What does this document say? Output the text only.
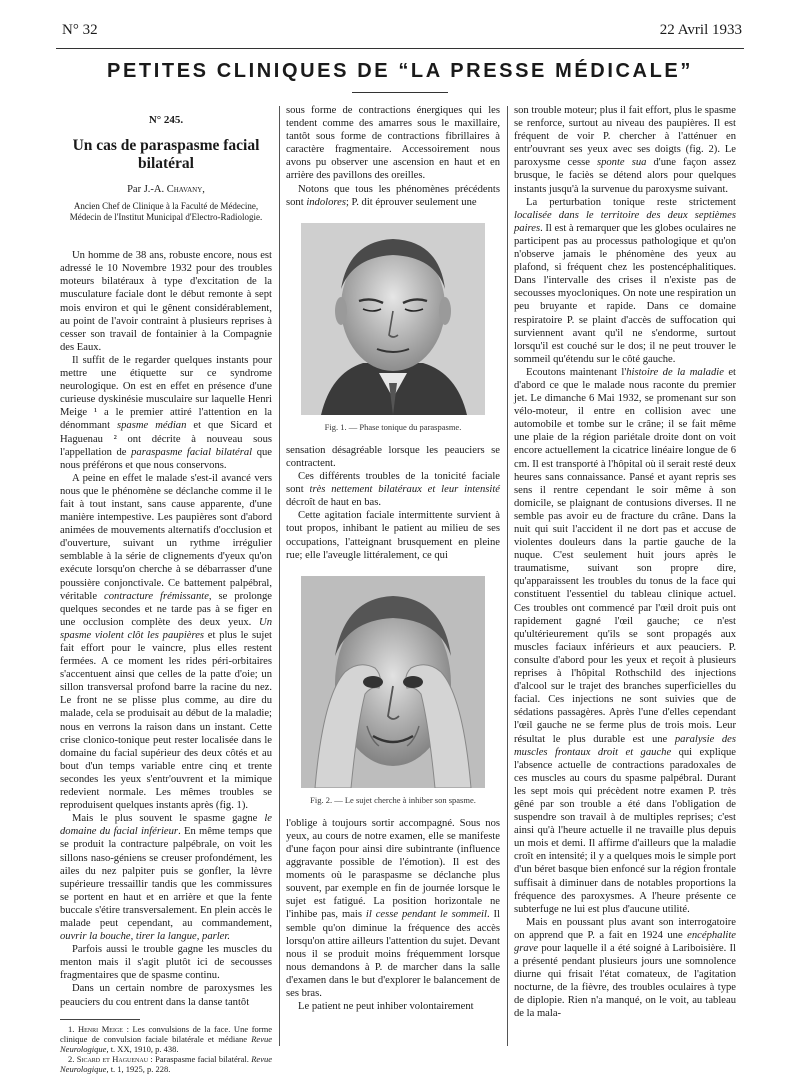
N° 32	22 Avril 1933
PETITES CLINIQUES DE “LA PRESSE MÉDICALE”

N° 245.

Un cas de paraspasme facial bilatéral

Par J.-A. Chavany,

Ancien Chef de Clinique à la Faculté de Médecine, Médecin de l'Institut Municipal d'Electro-Radiologie.

Un homme de 38 ans, robuste encore, nous est adressé le 10 Novembre 1932 pour des troubles moteurs bilatéraux à type d'excitation de la musculature faciale dont le début remonte à sept mois environ et qui le gênent considérablement, au point de l'avoir contraint à plusieurs reprises à cesser son travail de fontainier à la Compagnie des Eaux.

Il suffit de le regarder quelques instants pour mettre une étiquette sur ce syndrome neurologique. On est en effet en présence d'une curieuse dyskinésie musculaire sur laquelle Henri Meige ¹ a le premier attiré l'attention en la dénommant spasme médian et que Sicard et Haguenau ² ont décrite à nouveau sous l'appellation de paraspasme facial bilatéral que nous préférons et que nous conservons.

A peine en effet le malade s'est-il avancé vers nous que le phénomène se déclanche comme il le fait à tout instant, sans cause apparente, d'une manière intempestive. Les paupières sont d'abord animées de mouvements alternatifs d'occlusion et d'ouverture, suivant un rythme irrégulier semblable à la série de clignements d'yeux qu'on exécute lorsqu'on cherche à se débarrasser d'une poussière conjonctivale. Ce battement palpébral, véritable contracture frémissante, se prolonge quelques secondes et ne tarde pas à se figer en une occlusion complète des deux yeux. Un spasme violent clôt les paupières et plus le sujet fait effort pour le vaincre, plus elles restent fermées. A ce moment les rides péri-orbitaires s'accentuent ainsi que celles de la patte d'oie; un sillon transversal profond barre la racine du nez. Le front ne se plisse plus comme, au dire du malade, cela se produisait au début de la maladie; nous en verrons la raison dans un instant. Cette crise clonico-tonique peut rester localisée dans le domaine du facial supérieur des deux côtés et au bout d'un temps variable entre cinq et trente secondes les yeux s'entr'ouvrent et la mimique redevient normale. Les mêmes troubles se reproduisent quelques instants après (fig. 1).

Mais le plus souvent le spasme gagne le domaine du facial inférieur. En même temps que se produit la contracture palpébrale, on voit les sillons naso-géniens se creuser profondément, les ailes du nez palpiter puis se gonfler, la lèvre supérieure tressaillir tandis que les commissures se portent en haut et en arrière et que la fente buccale s'étire transversalement. En plein accès le malade peut cependant, au commandement, ouvrir la bouche, tirer la langue, parler.

Parfois aussi le trouble gagne les muscles du menton mais il s'agit plutôt ici de secousses fragmentaires que de spasme continu.

Dans un certain nombre de paroxysmes les peauciers du cou entrent dans la danse tantôt

1. Henri Meige : Les convulsions de la face. Une forme clinique de convulsion faciale bilatérale et médiane Revue Neurologique, t. XX, 1910, p. 438.

2. Sicard et Haguenau : Paraspasme facial bilatéral. Revue Neurologique, t. 1, 1925, p. 228.

sous forme de contractions énergiques qui les tendent comme des amarres sous le maxillaire, tantôt sous forme de contractions fibrillaires à caractère fragmentaire. Accessoirement nous avons pu observer une ascension en haut et en arrière des pavillons des oreilles.

Notons que tous les phénomènes précédents sont indolores; P. dit éprouver seulement une

Fig. 1. — Phase tonique du paraspasme.

sensation désagréable lorsque les peauciers se contractent.

Ces différents troubles de la tonicité faciale sont très nettement bilatéraux et leur intensité décroît de haut en bas.

Cette agitation faciale intermittente survient à tout propos, inhibant le patient au milieu de ses occupations, l'atteignant brusquement en pleine rue; elle l'aveugle littéralement, ce qui

Fig. 2. — Le sujet cherche à inhiber son spasme.

l'oblige à toujours sortir accompagné. Sous nos yeux, au cours de notre examen, elle se manifeste d'une façon pour ainsi dire subintrante (influence aggravante possible de l'émotion). Il est des moments où le paraspasme se déclanche plus souvent, par exemple en fin de journée lorsque le sujet est fatigué. La position horizontale ne l'inhibe pas, mais il cesse pendant le sommeil. Il semble qu'on diminue la fréquence des accès lorsqu'on attire ailleurs l'attention du sujet. Devant nous il se produit moins fréquemment lorsque nous demandons à P. de marcher dans la salle d'examen dans le but d'explorer le balancement de ses bras.

Le patient ne peut inhiber volontairement

son trouble moteur; plus il fait effort, plus le spasme se renforce, surtout au niveau des paupières. Il est fréquent de voir P. chercher à l'atténuer en entr'ouvrant ses yeux avec ses doigts (fig. 2). Le paroxysme cesse sponte sua d'une façon assez brusque, le faciès se détend alors pour quelques instants jusqu'à la survenue du paroxysme suivant.

La perturbation tonique reste strictement localisée dans le territoire des deux septièmes paires. Il est à remarquer que les globes oculaires ne participent pas au processus pathologique et qu'on n'observe jamais le phénomène des yeux au plafond, si fréquent chez les postencéphalitiques. Dans l'intervalle des crises il n'existe pas de secousses myocloniques. On note une respiration un peu bruyante et rapide. Dans ce domaine respiratoire P. se plaint d'accès de suffocation qui surviennent avant qu'il ne s'endorme, surtout lorsqu'il est couché sur le dos; il ne peut trouver le sommeil qu'étendu sur le côté gauche.

Ecoutons maintenant l'histoire de la maladie et d'abord ce que le malade nous raconte du premier jet. Le dimanche 6 Mai 1932, se promenant sur son vélo-moteur, il entre en collision avec une automobile et tombe sur le crâne; il se fait même une plaie de la région pariétale droite dont on voit encore actuellement la cicatrice linéaire longue de 6 cm. Il est transporté à l'hôpital où il serait resté deux heures sans connaissance. Pansé et ayant repris ses sens il rentre cependant le soir même à son domicile, se plaignant de contusions diverses. Il ne semble pas avoir eu de fracture du crâne. Dans la nuit qui suit l'accident il ne dort pas et accuse de violentes douleurs dans la partie gauche de la nuque. C'est seulement huit jours après le traumatisme, suivant son propre dire, qu'apparaissent les troubles du tonus de la face qui constituent l'essentiel du tableau clinique actuel. Ces troubles ont commencé par l'œil droit puis ont rapidement gagné l'œil gauche; ce n'est qu'ultérieurement qu'ils se sont propagés aux muscles faciaux inférieurs et aux peauciers. P. consulte d'abord pour les yeux et reçoit à plusieurs reprises à l'hôpital Rothschild des injections d'alcool sur le trajet des branches superficielles du facial. Ces injections ne sont suivies que de sédations passagères. Après l'une d'elles cependant l'œil gauche ne se ferme plus de trois mois. Leur résultat le plus durable est une paralysie des muscles frontaux droit et gauche qui explique l'absence actuelle de contractions paradoxales de ces muscles au cours du spasme palpébral. Durant les sept mois qui précèdent notre examen P. très gêné par son trouble a été dans l'obligation de suspendre son travail à de multiples reprises; c'est ainsi qu'à l'heure actuelle il ne travaille plus depuis un mois et demi. Il affirme d'ailleurs que la maladie croît en intensité; il y a quelques mois le simple port d'un béret basque bien enfoncé sur la région frontale suffisait à diminuer dans de notables proportions la fréquence des paroxysmes. A l'heure présente ce subterfuge ne lui est plus d'aucune utilité.

Mais en poussant plus avant son interrogatoire on apprend que P. a fait en 1924 une encéphalite grave pour laquelle il a été soigné à Lariboisière. Il a présenté pendant plusieurs jours une somnolence diurne qui frisait l'état comateux, de l'agitation nocturne, de la fièvre, des troubles oculaires à type de diplopie. Rien n'a manqué, on le voit, au tableau de la mala-
